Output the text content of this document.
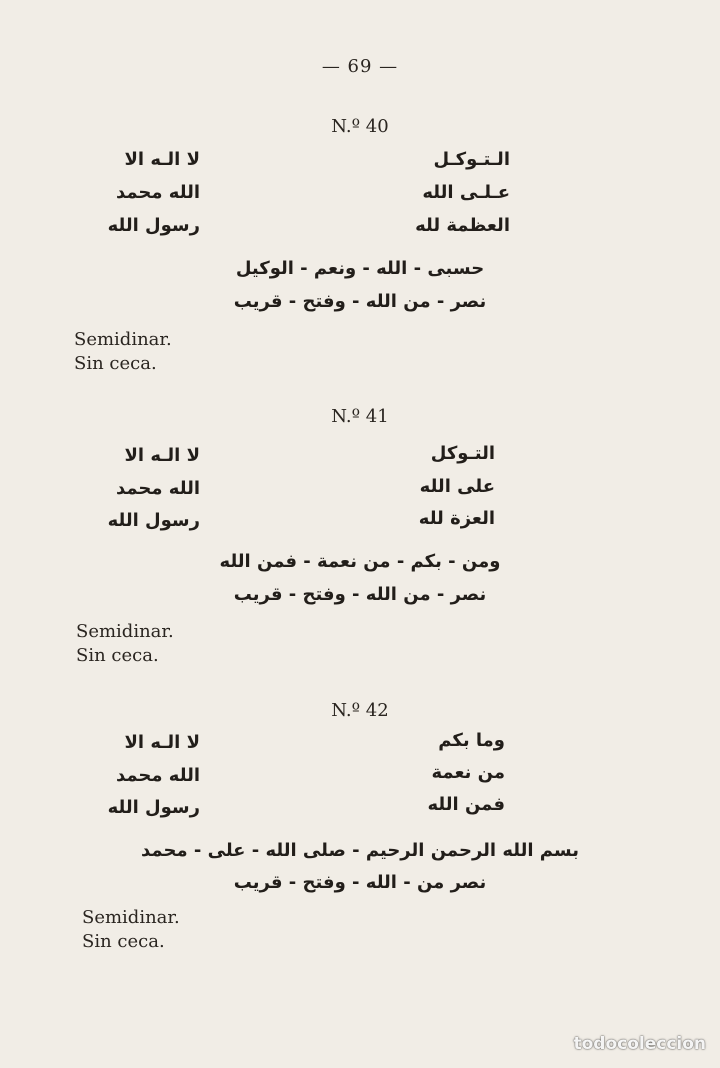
— 69 —
N.º 40
لا الـه الا
الله محمد
رسول الله
الـتـوكـل
عـلـى الله
العظمة لله
حسبى - الله - ونعم - الوكيل
نصر - من الله - وفتح - قريب
Semidinar.
Sin ceca.
N.º 41
لا الـه الا
الله محمد
رسول الله
التـوكل
على الله
العزة لله
ومن - بكم - من نعمة - فمن الله
نصر - من الله - وفتح - قريب
Semidinar.
Sin ceca.
N.º 42
لا الـه الا
الله محمد
رسول الله
وما بكم
من نعمة
فمن الله
بسم الله الرحمن الرحيم - صلى الله - على - محمد
نصر من - الله - وفتح - قريب
Semidinar.
Sin ceca.
todocoleccion
